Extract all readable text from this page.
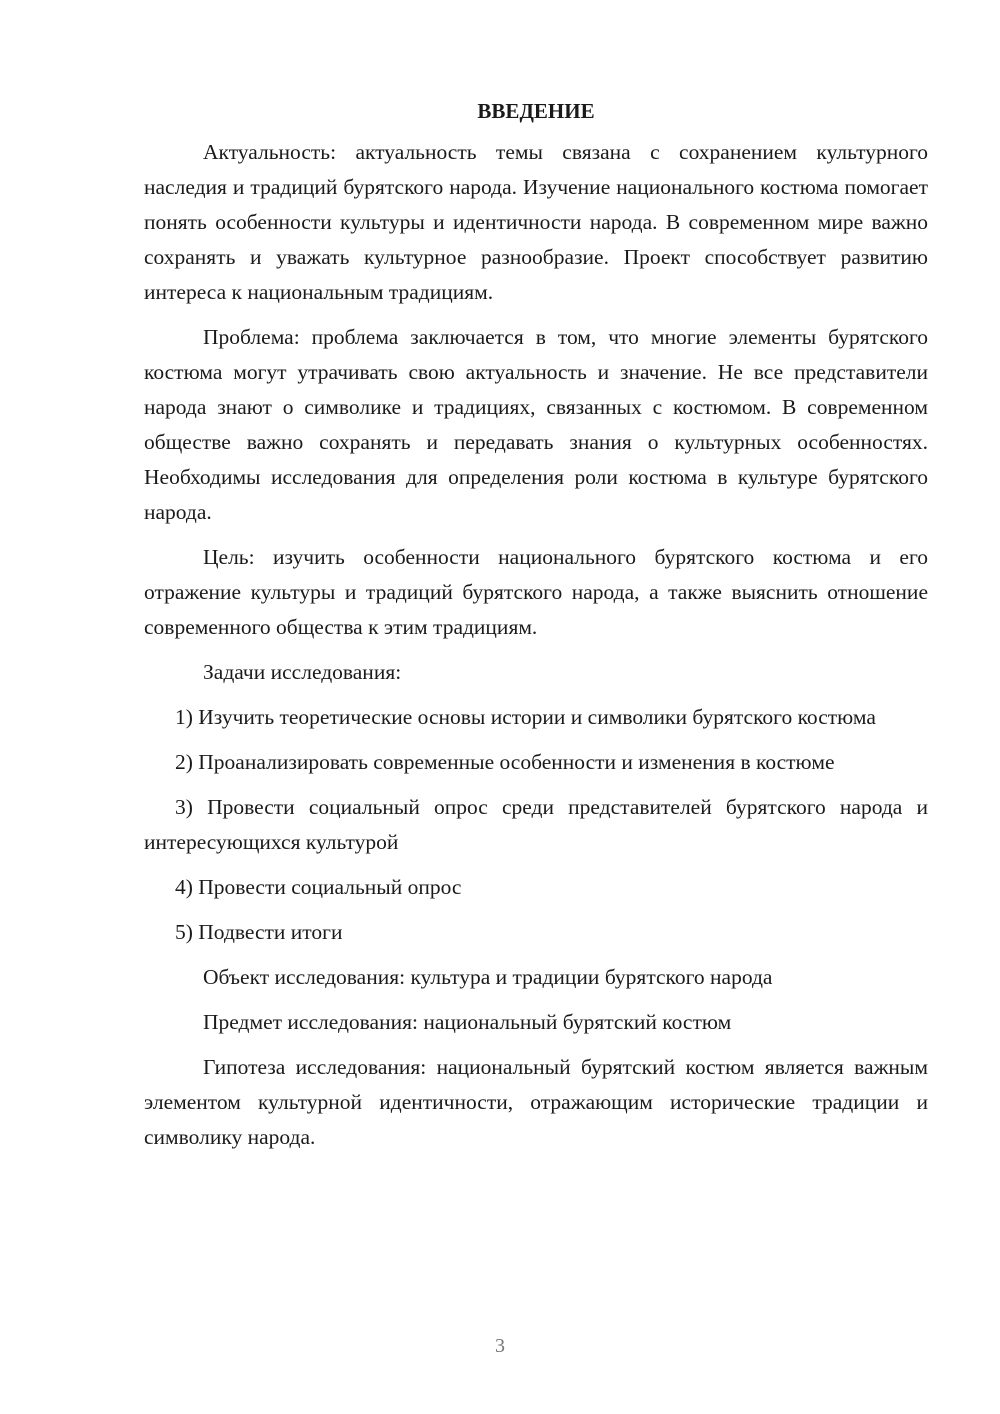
ВВЕДЕНИЕ

Актуальность: актуальность темы связана с сохранением культурного наследия и традиций бурятского народа. Изучение национального костюма помогает понять особенности культуры и идентичности народа. В современном мире важно сохранять и уважать культурное разнообразие. Проект способствует развитию интереса к национальным традициям.

Проблема: проблема заключается в том, что многие элементы бурятского костюма могут утрачивать свою актуальность и значение. Не все представители народа знают о символике и традициях, связанных с костюмом. В современном обществе важно сохранять и передавать знания о культурных особенностях. Необходимы исследования для определения роли костюма в культуре бурятского народа.

Цель: изучить особенности национального бурятского костюма и его отражение культуры и традиций бурятского народа, а также выяснить отношение современного общества к этим традициям.

Задачи исследования:

1) Изучить теоретические основы истории и символики бурятского костюма

2) Проанализировать современные особенности и изменения в костюме

3) Провести социальный опрос среди представителей бурятского народа и интересующихся культурой

4) Провести социальный опрос

5) Подвести итоги

Объект исследования: культура и традиции бурятского народа

Предмет исследования: национальный бурятский костюм

Гипотеза исследования: национальный бурятский костюм является важным элементом культурной идентичности, отражающим исторические традиции и символику народа.

3
